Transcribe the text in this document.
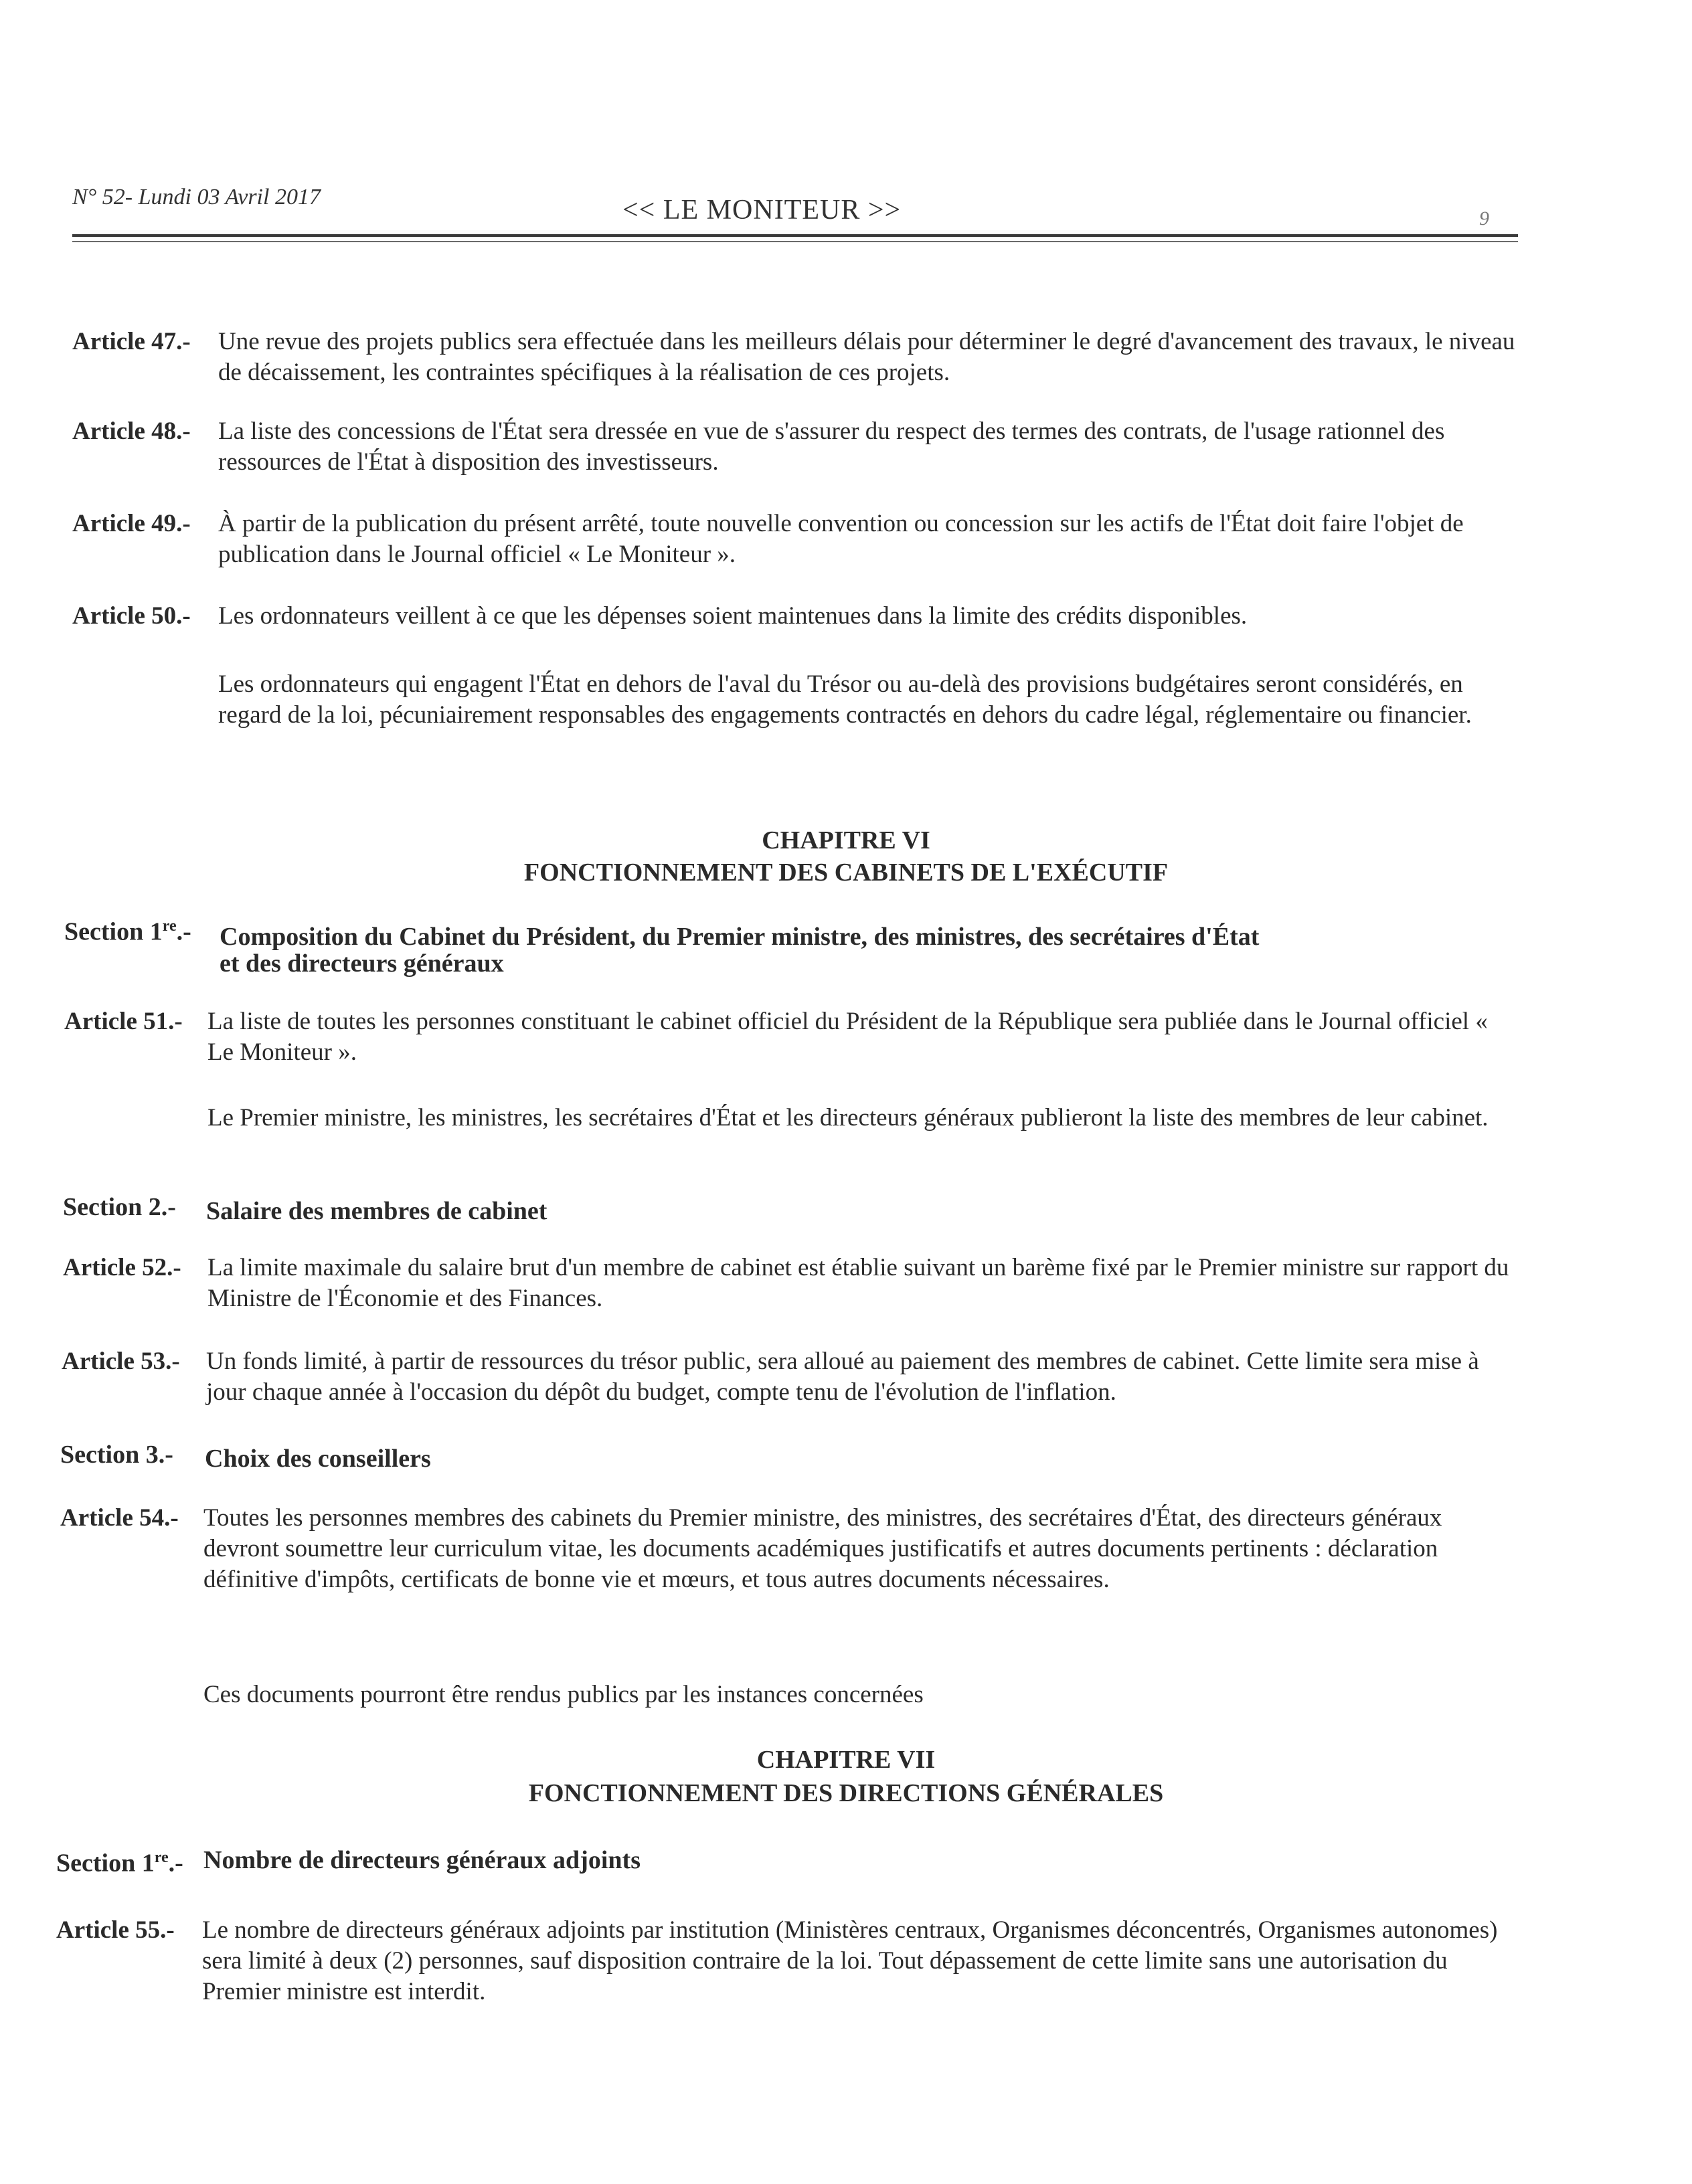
N° 52- Lundi 03 Avril 2017	<< LE MONITEUR >>	9
Article 47.- Une revue des projets publics sera effectuée dans les meilleurs délais pour déterminer le degré d'avancement des travaux, le niveau de décaissement, les contraintes spécifiques à la réalisation de ces projets.
Article 48.- La liste des concessions de l'État sera dressée en vue de s'assurer du respect des termes des contrats, de l'usage rationnel des ressources de l'État à disposition des investisseurs.
Article 49.- À partir de la publication du présent arrêté, toute nouvelle convention ou concession sur les actifs de l'État doit faire l'objet de publication dans le Journal officiel « Le Moniteur ».
Article 50.- Les ordonnateurs veillent à ce que les dépenses soient maintenues dans la limite des crédits disponibles.
Les ordonnateurs qui engagent l'État en dehors de l'aval du Trésor ou au-delà des provisions budgétaires seront considérés, en regard de la loi, pécuniairement responsables des engagements contractés en dehors du cadre légal, réglementaire ou financier.
CHAPITRE VI
FONCTIONNEMENT DES CABINETS DE L'EXÉCUTIF
Section 1re.- Composition du Cabinet du Président, du Premier ministre, des ministres, des secrétaires d'État
et des directeurs généraux
Article 51.- La liste de toutes les personnes constituant le cabinet officiel du Président de la République sera publiée dans le Journal officiel « Le Moniteur ».
Le Premier ministre, les ministres, les secrétaires d'État et les directeurs généraux publieront la liste des membres de leur cabinet.
Section 2.- Salaire des membres de cabinet
Article 52.- La limite maximale du salaire brut d'un membre de cabinet est établie suivant un barème fixé par le Premier ministre sur rapport du Ministre de l'Économie et des Finances.
Article 53.- Un fonds limité, à partir de ressources du trésor public, sera alloué au paiement des membres de cabinet. Cette limite sera mise à jour chaque année à l'occasion du dépôt du budget, compte tenu de l'évolution de l'inflation.
Section 3.- Choix des conseillers
Article 54.- Toutes les personnes membres des cabinets du Premier ministre, des ministres, des secrétaires d'État, des directeurs généraux devront soumettre leur curriculum vitae, les documents académiques justificatifs et autres documents pertinents : déclaration définitive d'impôts, certificats de bonne vie et mœurs, et tous autres documents nécessaires.
Ces documents pourront être rendus publics par les instances concernées
CHAPITRE VII
FONCTIONNEMENT DES DIRECTIONS GÉNÉRALES
Section 1re.- Nombre de directeurs généraux adjoints
Article 55.- Le nombre de directeurs généraux adjoints par institution (Ministères centraux, Organismes déconcentrés, Organismes autonomes) sera limité à deux (2) personnes, sauf disposition contraire de la loi. Tout dépassement de cette limite sans une autorisation du Premier ministre est interdit.
